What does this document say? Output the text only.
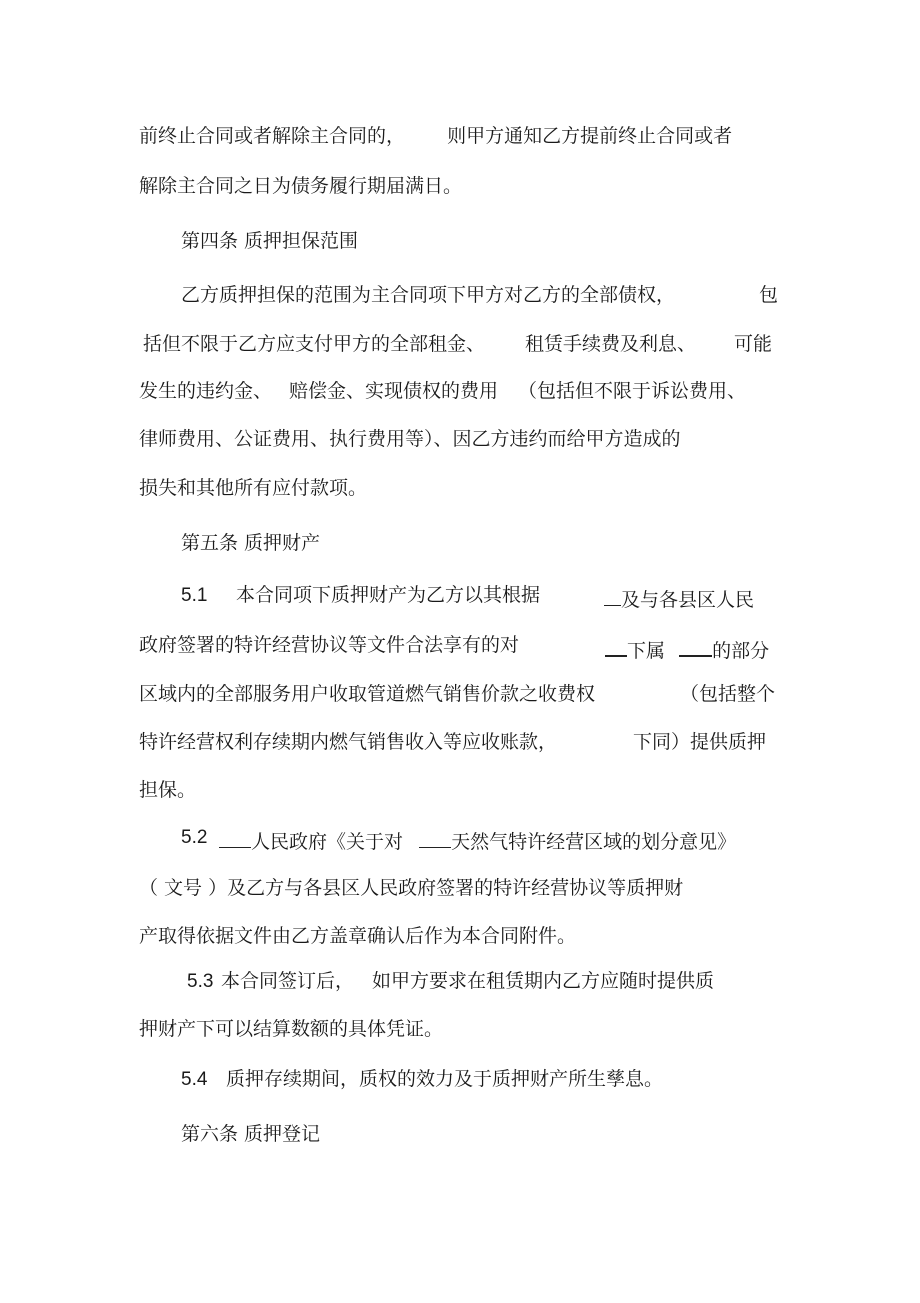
前终止合同或者解除主合同的， 则甲方通知乙方提前终止合同或者
解除主合同之日为债务履行期届满日。
第四条 质押担保范围
乙方质押担保的范围为主合同项下甲方对乙方的全部债权，	包
括但不限于乙方应支付甲方的全部租金、 租赁手续费及利息、 可能
发生的违约金、 赔偿金、实现债权的费用 （包括但不限于诉讼费用、
律师费用、公证费用、执行费用等）、因乙方违约而给甲方造成的
损失和其他所有应付款项。
第五条 质押财产
5.1 本合同项下质押财产为乙方以其根据	及与各县区人民
政府签署的特许经营协议等文件合法享有的对	下属 的部分
区域内的全部服务用户收取管道燃气销售价款之收费权	（包括整个
特许经营权利存续期内燃气销售收入等应收账款，	下同）提供质押
担保。
5.2	人民政府《关于对	天然气特许经营区域的划分意见》
（ 文号 ）及乙方与各县区人民政府签署的特许经营协议等质押财
产取得依据文件由乙方盖章确认后作为本合同附件。
5.3 本合同签订后， 如甲方要求在租赁期内乙方应随时提供质
押财产下可以结算数额的具体凭证。
5.4 质押存续期间，质权的效力及于质押财产所生孳息。
第六条 质押登记
